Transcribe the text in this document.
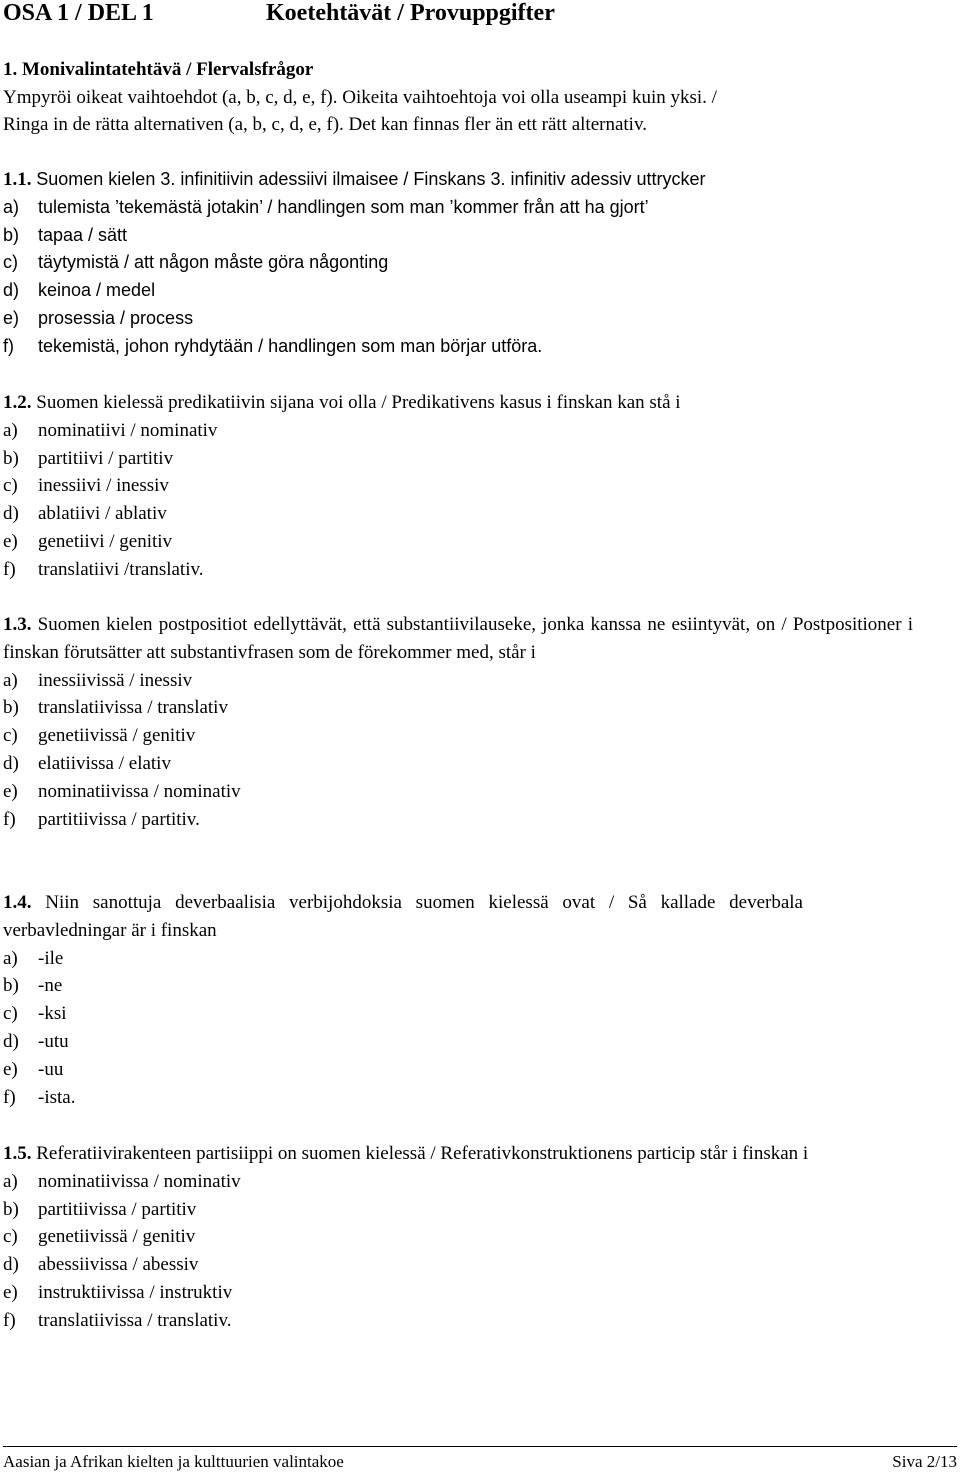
OSA 1 / DEL 1	Koetehtävät / Provuppgifter
1. Monivalintatehtävä / Flervalsfrågor
Ympyröi oikeat vaihtoehdot (a, b, c, d, e, f). Oikeita vaihtoehtoja voi olla useampi kuin yksi. /
Ringa in de rätta alternativen (a, b, c, d, e, f). Det kan finnas fler än ett rätt alternativ.
1.1. Suomen kielen 3. infinitiivin adessiivi ilmaisee / Finskans 3. infinitiv adessiv uttrycker
a)	tulemista ’tekemästä jotakin’ / handlingen som man ’kommer från att ha gjort’
b)	tapaa / sätt
c)	täytymistä / att någon måste göra någonting
d)	keinoa / medel
e)	prosessia / process
f)	tekemistä, johon ryhdytään / handlingen som man börjar utföra.
1.2. Suomen kielessä predikatiivin sijana voi olla / Predikativens kasus i finskan kan stå i
a)	nominatiivi / nominativ
b)	partitiivi / partitiv
c)	inessiivi / inessiv
d)	ablatiivi / ablativ
e)	genetiivi / genitiv
f)	translatiivi /translativ.
1.3. Suomen kielen postpositiot edellyttävät, että substantiivilauseke, jonka kanssa ne esiintyvät, on / Postpositioner i finskan förutsätter att substantivfrasen som de förekommer med, står i
a)	inessiivissä / inessiv
b)	translatiivissa / translativ
c)	genetiivissä / genitiv
d)	elatiivissa / elativ
e)	nominatiivissa / nominativ
f)	partitiivissa / partitiv.
1.4. Niin sanottuja deverbaalisia verbijohdoksia suomen kielessä ovat / Så kallade deverbala verbavledningar är i finskan
a)	-ile
b)	-ne
c)	-ksi
d)	-utu
e)	-uu
f)	-ista.
1.5. Referatiivirakenteen partisiippi on suomen kielessä / Referativkonstruktionens particip står i finskan i
a)	nominatiivissa / nominativ
b)	partitiivissa / partitiv
c)	genetiivissä / genitiv
d)	abessiivissa / abessiv
e)	instruktiivissa / instruktiv
f)	translatiivissa / translativ.
Aasian ja Afrikan kielten ja kulttuurien valintakoe	Siva 2/13
